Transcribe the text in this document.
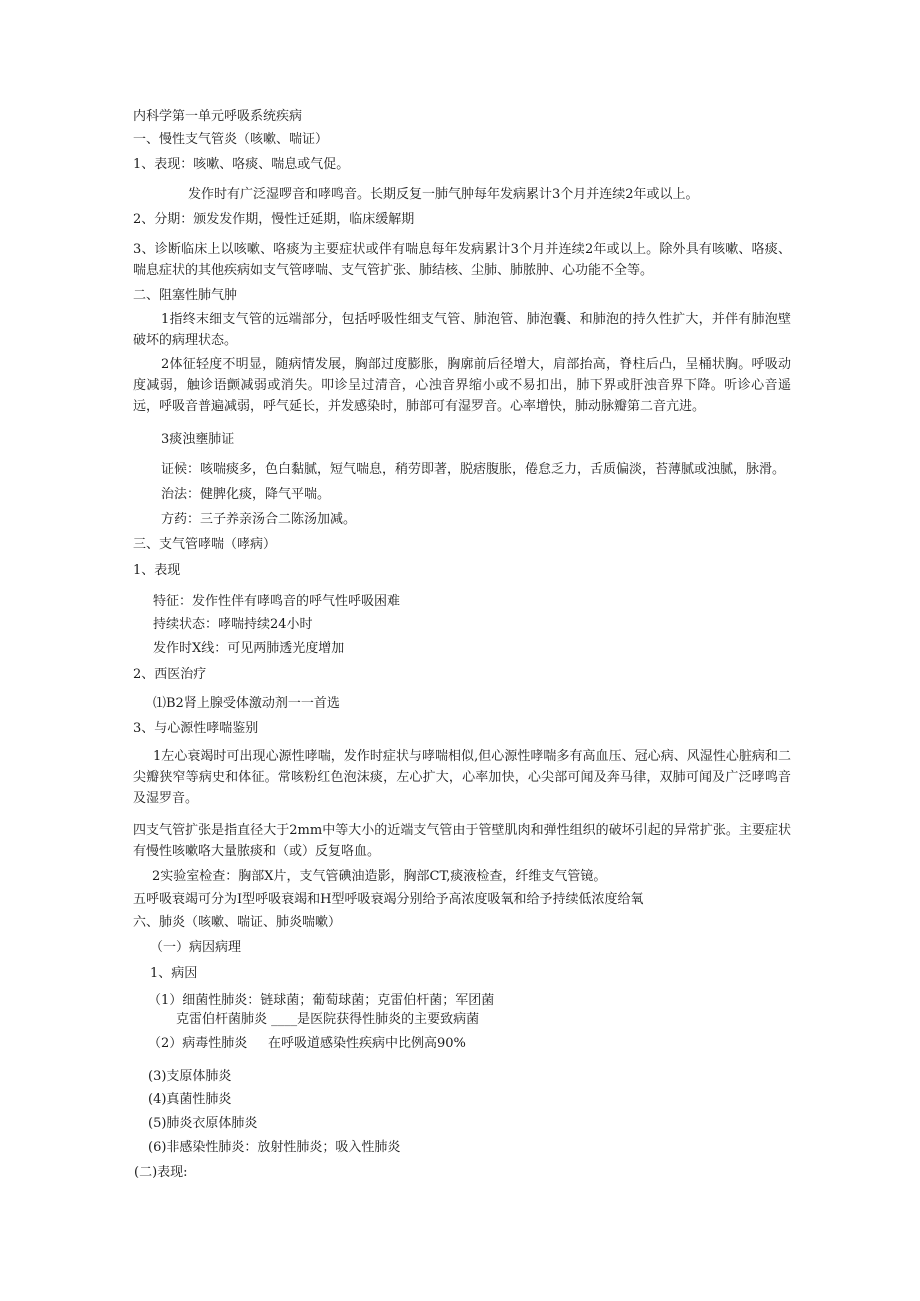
内科学第一单元呼吸系统疾病
一、慢性支气管炎（咳嗽、喘证）
1、表现：咳嗽、咯痰、喘息或气促。
发作时有广泛湿啰音和哮鸣音。长期反复一肺气肿每年发病累计3个月并连续2年或以上。
2、分期：颁发发作期，慢性迁延期，临床缓解期
3、诊断临床上以咳嗽、咯痰为主要症状或伴有喘息每年发病累计3个月并连续2年或以上。除外具有咳嗽、咯痰、喘息症状的其他疾病如支气管哮喘、支气管扩张、肺结核、尘肺、肺脓肿、心功能不全等。
二、阻塞性肺气肿
1指终末细支气管的远端部分，包括呼吸性细支气管、肺泡管、肺泡囊、和肺泡的持久性扩大，并伴有肺泡壁破坏的病理状态。
2体征轻度不明显，随病情发展，胸部过度膨胀，胸廓前后径增大，肩部抬高，脊柱后凸，呈桶状胸。呼吸动度减弱，触诊语颤减弱或消失。叩诊呈过清音，心浊音界缩小或不易扣出，肺下界或肝浊音界下降。听诊心音遥远，呼吸音普遍减弱，呼气延长，并发感染时，肺部可有湿罗音。心率增快，肺动脉瓣第二音亢进。
3痰浊壅肺证
证候：咳喘痰多，色白黏腻，短气喘息，稍劳即著，脱痞腹胀，倦怠乏力，舌质偏淡，苔薄腻或浊腻，脉滑。
治法：健脾化痰，降气平喘。
方药：三子养亲汤合二陈汤加减。
三、支气管哮喘（哮病）
1、表现
特征：发作性伴有哮鸣音的呼气性呼吸困难
持续状态：哮喘持续24小时
发作时X线：可见两肺透光度增加
2、西医治疗
⑴B2肾上腺受体激动剂一一首选
3、与心源性哮喘鉴别
1左心衰竭时可出现心源性哮喘，发作时症状与哮喘相似,但心源性哮喘多有高血压、冠心病、风湿性心脏病和二尖瓣狭窄等病史和体征。常咳粉红色泡沫痰，左心扩大，心率加快，心尖部可闻及奔马律，双肺可闻及广泛哮鸣音及湿罗音。
四支气管扩张是指直径大于2mm中等大小的近端支气管由于管壁肌肉和弹性组织的破坏引起的异常扩张。主要症状有慢性咳嗽咯大量脓痰和（或）反复咯血。
2实验室检查：胸部X片，支气管碘油造影，胸部CT,痰液检查，纤维支气管镜。
五呼吸衰竭可分为I型呼吸衰竭和H型呼吸衰竭分别给予高浓度吸氧和给予持续低浓度给氧
六、肺炎（咳嗽、喘证、肺炎喘嗽）
（一）病因病理
1、病因
（1）细菌性肺炎：链球菌；葡萄球菌；克雷伯杆菌；军团菌
克雷伯杆菌肺炎 ____是医院获得性肺炎的主要致病菌
（2）病毒性肺炎	在呼吸道感染性疾病中比例高90%
(3)支原体肺炎
(4)真菌性肺炎
(5)肺炎衣原体肺炎
(6)非感染性肺炎：放射性肺炎；吸入性肺炎
(二)表现:
